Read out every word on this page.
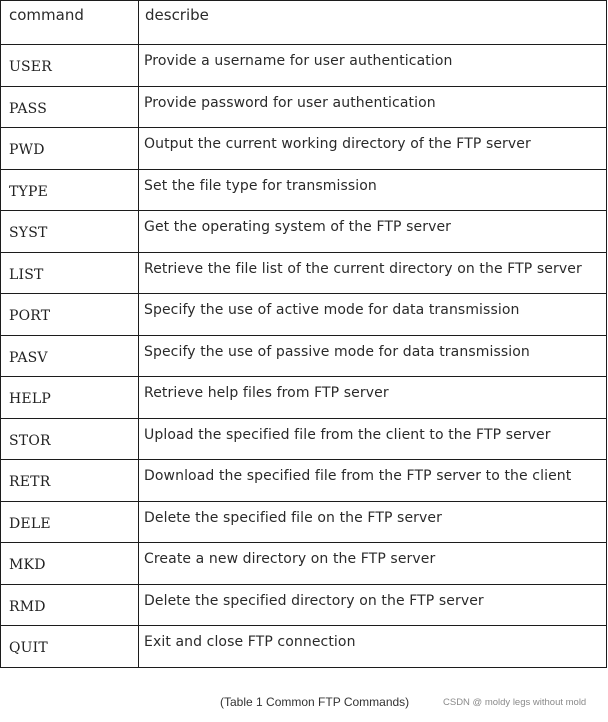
command	describe
USER	Provide a username for user authentication
PASS	Provide password for user authentication
PWD	Output the current working directory of the FTP server
TYPE	Set the file type for transmission
SYST	Get the operating system of the FTP server
LIST	Retrieve the file list of the current directory on the FTP server
PORT	Specify the use of active mode for data transmission
PASV	Specify the use of passive mode for data transmission
HELP	Retrieve help files from FTP server
STOR	Upload the specified file from the client to the FTP server
RETR	Download the specified file from the FTP server to the client
DELE	Delete the specified file on the FTP server
MKD	Create a new directory on the FTP server
RMD	Delete the specified directory on the FTP server
QUIT	Exit and close FTP connection
(Table 1 Common FTP Commands)	CSDN @ moldy legs without mold
